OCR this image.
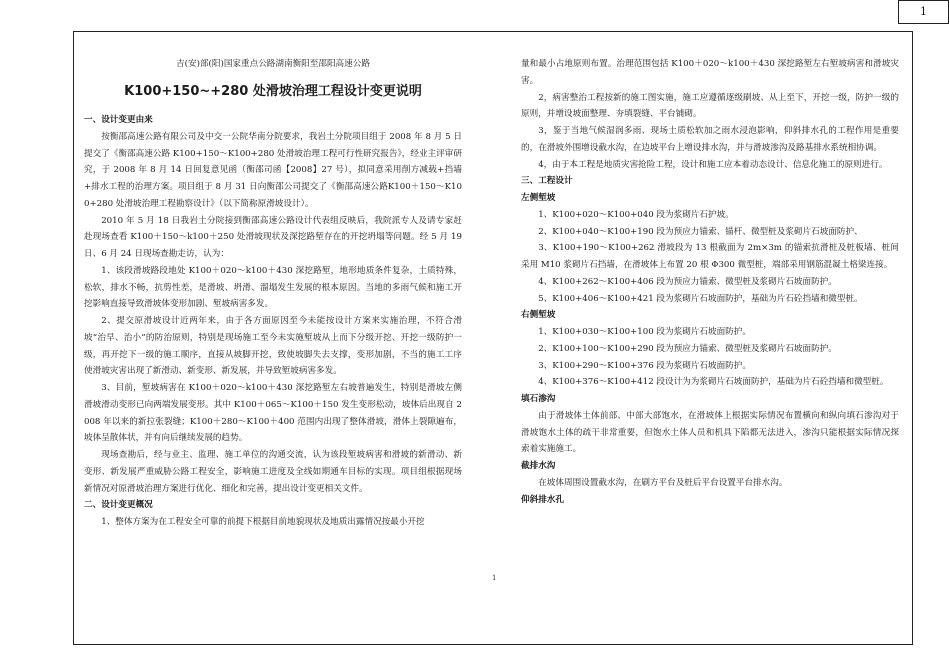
1
吉(安)部(阳)国家重点公路湖南衡阳至邵阳高速公路
K100+150~+280 处滑坡治理工程设计变更说明
一、设计变更由来
按衡邵高速公路有限公司及中交一公院华南分院要求，我岩土分院项目组于 2008 年 8 月 5 日提交了《衡邵高速公路 K100+150～K100+280 处滑坡治理工程可行性研究报告》，经业主评审研究，于 2008 年 8 月 14 日回复意见函（衡邵司函【2008】27 号），拟同意采用削方减载+挡墙+排水工程的治理方案。项目组于 8 月 31 日向衡邵公司提交了《衡邵高速公路K100＋150～K100+280 处滑坡治理工程勘察设计》（以下简称原滑坡设计）。
2010 年 5 月 18 日我岩土分院接到衡邵高速公路设计代表组反映后，我院派专人及请专家赶赴现场查看 K100＋150～k100＋250 处滑坡现状及深挖路堑存在的开挖坍塌等问题。经 5 月 19 日、6 月 24 日现场查勘走访，认为：
1、该段滑坡路段地处 K100＋020～k100＋430 深挖路堑，地形地质条件复杂，土质特殊，松软，排水不畅，抗剪性差，是滑坡、坍滑、溜塌发生发展的根本原因。当地的多雨气候和施工开挖影响直接导致滑坡体变形加剧、堑坡病害多发。
2、提交原滑坡设计近两年来，由于各方面原因至今未能按设计方案来实施治理，不符合滑坡“治早、治小”的防治原则，特别是现场施工至今未实施堑坡从上而下分级开挖、开挖一级防护一级，再开挖下一级的施工顺序，直接从坡脚开挖，致使坡脚失去支撑，变形加剧，不当的施工工序使滑坡灾害出现了新滑动、新变形、新发展，并导致堑坡病害多发。
3、目前，堑坡病害在 K100＋020～k100＋430 深挖路堑左右坡普遍发生，特别是滑坡左侧滑坡滑动变形已向两端发展变形。其中 K100＋065～K100＋150 发生变形松动，坡体后出现自 2008 年以来的新拉张裂缝；K100＋280～K100＋400 范围内出现了整体滑坡，滑体上裂隙遍布，坡体呈散体状，并有向后继续发展的趋势。
现场查勘后，经与业主、监理、施工单位的沟通交流，认为该段堑坡病害和滑坡的新滑动、新变形、新发展严重威胁公路工程安全，影响施工进度及全线如期通车目标的实现。项目组根据现场新情况对原滑坡治理方案进行优化、细化和完善，提出设计变更相关文件。
二、设计变更概况
1、整体方案为在工程安全可靠的前提下根据目前地貌现状及地质出露情况按最小开挖
量和最小占地原则布置。治理范围包括 K100＋020～k100＋430 深挖路堑左右堑坡病害和滑坡灾害。
2，病害整治工程按新的施工图实施，施工应遵循逐级刷坡、从上至下，开挖一级，防护一级的原则，并增设坡面整理、夯填裂缝、平台铺砌。
3，鉴于当地气候湿润多雨、现场土质松软加之雨水浸泡影响，仰斜排水孔的工程作用是重要的，在滑坡外围增设截水沟，在边坡平台上增设排水沟，并与滑坡渗沟及路基排水系统相协调。
4，由于本工程是地质灾害抢险工程，设计和施工应本着动态设计、信息化施工的原则进行。
三、工程设计
左侧堑坡
1、K100+020～K100+040 段为浆砌片石护坡。
2、K100+040～K100+190 段为预应力锚索、锚杆、微型桩及浆砌片石坡面防护、
3、K100+190～K100+262 滑坡段为 13 根截面为 2m×3m 的锚索抗滑桩及桩板墙、桩间采用 M10 浆砌片石挡墙，在滑坡体上布置 20 根 Φ300 微型桩，端部采用钢筋混凝土格梁连接。
4、K100+262～K100+406 段为预应力锚索、微型桩及浆砌片石坡面防护。
5、K100+406～K100+421 段为浆砌片石坡面防护，基础为片石砼挡墙和微型桩。
右侧堑坡
1、K100+030～K100+100 段为浆砌片石坡面防护。
2、K100+100～K100+290 段为预应力锚索、微型桩及浆砌片石坡面防护。
3、K100+290～K100+376 段为浆砌片石坡面防护。
4、K100+376～K100+412 段设计为为浆砌片石坡面防护，基础为片石砼挡墙和微型桩。
填石渗沟
由于滑坡体土体前部、中部大部饱水，在滑坡体上根据实际情况布置横向和纵向填石渗沟对于滑坡饱水土体的疏干非常重要，但饱水土体人员和机具下陷都无法进入，渗沟只能根据实际情况探索着实施施工。
截排水沟
在坡体周围设置截水沟，在刷方平台及桩后平台设置平台排水沟。
仰斜排水孔
1
